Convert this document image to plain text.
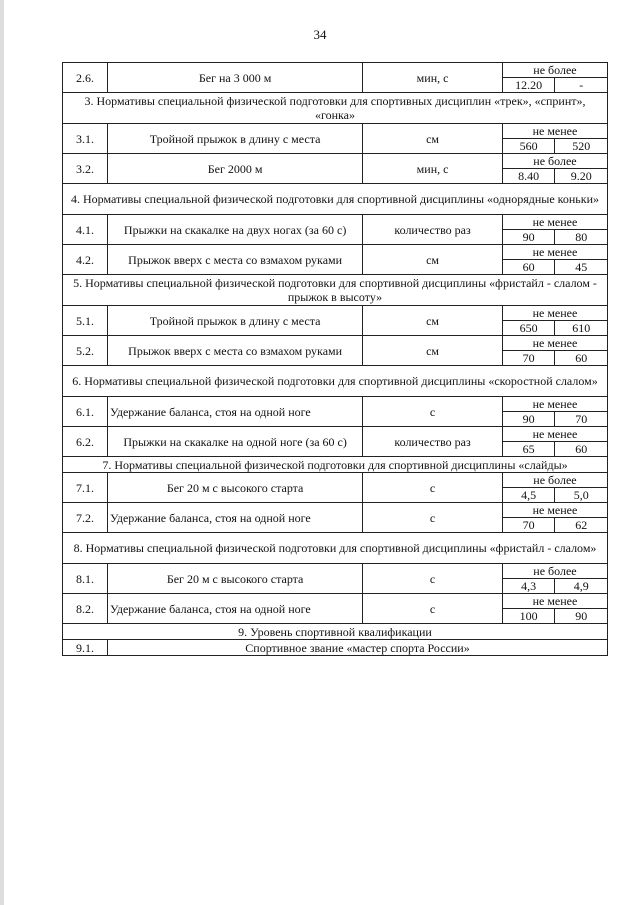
34
2.6.	Бег на 3 000 м	мин, с	не более	
			12.20	-
3. Нормативы специальной физической подготовки для спортивных дисциплин «трек», «спринт», «гонка»				
3.1.	Тройной прыжок в длину с места	см	не менее	
			560	520
3.2.	Бег 2000 м	мин, с	не более	
			8.40	9.20
4. Нормативы специальной физической подготовки для спортивной дисциплины «однорядные коньки»				
4.1.	Прыжки на скакалке на двух ногах (за 60 с)	количество раз	не менее	
			90	80
4.2.	Прыжок вверх с места со взмахом руками	см	не менее	
			60	45
5. Нормативы специальной физической подготовки для спортивной дисциплины «фристайл - слалом - прыжок в высоту»				
5.1.	Тройной прыжок в длину с места	см	не менее	
			650	610
5.2.	Прыжок вверх с места со взмахом руками	см	не менее	
			70	60
6. Нормативы специальной физической подготовки для спортивной дисциплины «скоростной слалом»				
6.1.	Удержание баланса, стоя на одной ноге	с	не менее	
			90	70
6.2.	Прыжки на скакалке на одной ноге (за 60 с)	количество раз	не менее	
			65	60
7. Нормативы специальной физической подготовки для спортивной дисциплины «слайды»				
7.1.	Бег 20 м с высокого старта	с	не более	
			4,5	5,0
7.2.	Удержание баланса, стоя на одной ноге	с	не менее	
			70	62
8. Нормативы специальной физической подготовки для спортивной дисциплины «фристайл - слалом»				
8.1.	Бег 20 м с высокого старта	с	не более	
			4,3	4,9
8.2.	Удержание баланса, стоя на одной ноге	с	не менее	
			100	90
9. Уровень спортивной квалификации				
9.1.	Спортивное звание «мастер спорта России»			
